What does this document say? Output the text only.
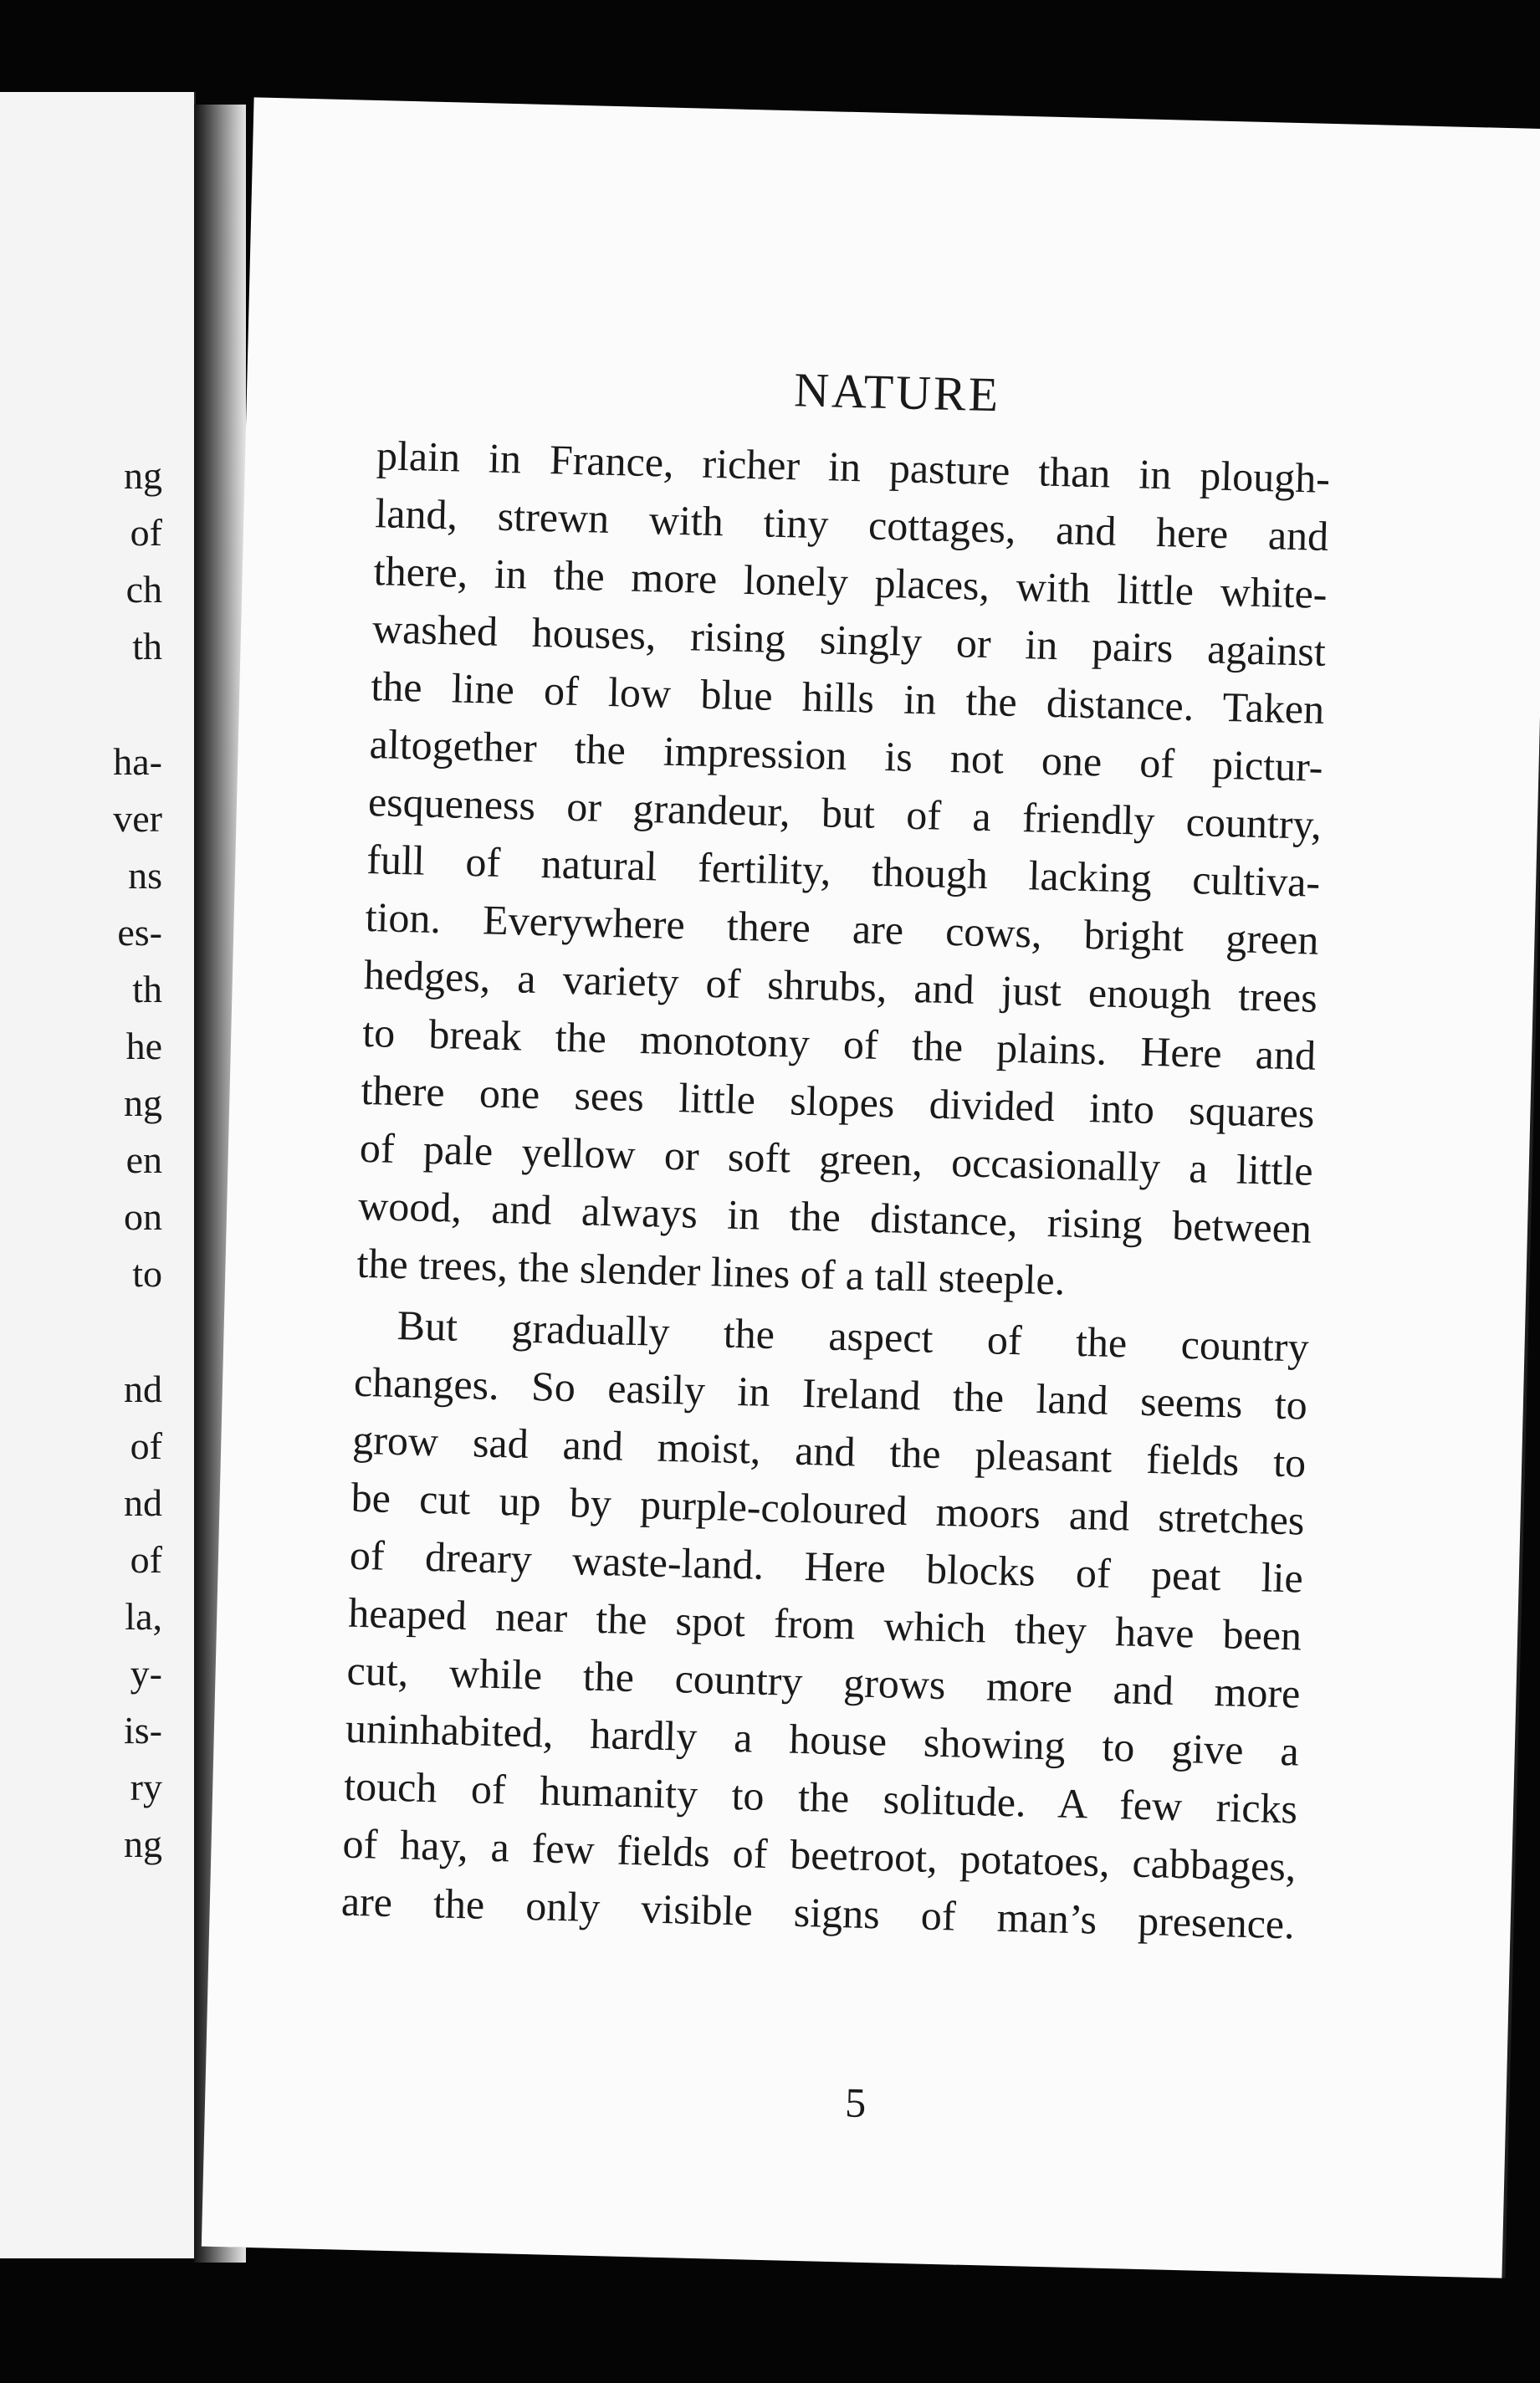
ng
of
ch
th
ha-
ver
ns
es-
th
he
ng
en
on
to
nd
of
nd
of
la,
y-
is-
ry
ng
NATURE
plain in France, richer in pasture than in plough-
land, strewn with tiny cottages, and here and
there, in the more lonely places, with little white-
washed houses, rising singly or in pairs against
the line of low blue hills in the distance. Taken
altogether the impression is not one of pictur-
esqueness or grandeur, but of a friendly country,
full of natural fertility, though lacking cultiva-
tion. Everywhere there are cows, bright green
hedges, a variety of shrubs, and just enough trees
to break the monotony of the plains. Here and
there one sees little slopes divided into squares
of pale yellow or soft green, occasionally a little
wood, and always in the distance, rising between
the trees, the slender lines of a tall steeple.
But gradually the aspect of the country
changes. So easily in Ireland the land seems to
grow sad and moist, and the pleasant fields to
be cut up by purple-coloured moors and stretches
of dreary waste-land. Here blocks of peat lie
heaped near the spot from which they have been
cut, while the country grows more and more
uninhabited, hardly a house showing to give a
touch of humanity to the solitude. A few ricks
of hay, a few fields of beetroot, potatoes, cabbages,
are the only visible signs of man’s presence.
5
